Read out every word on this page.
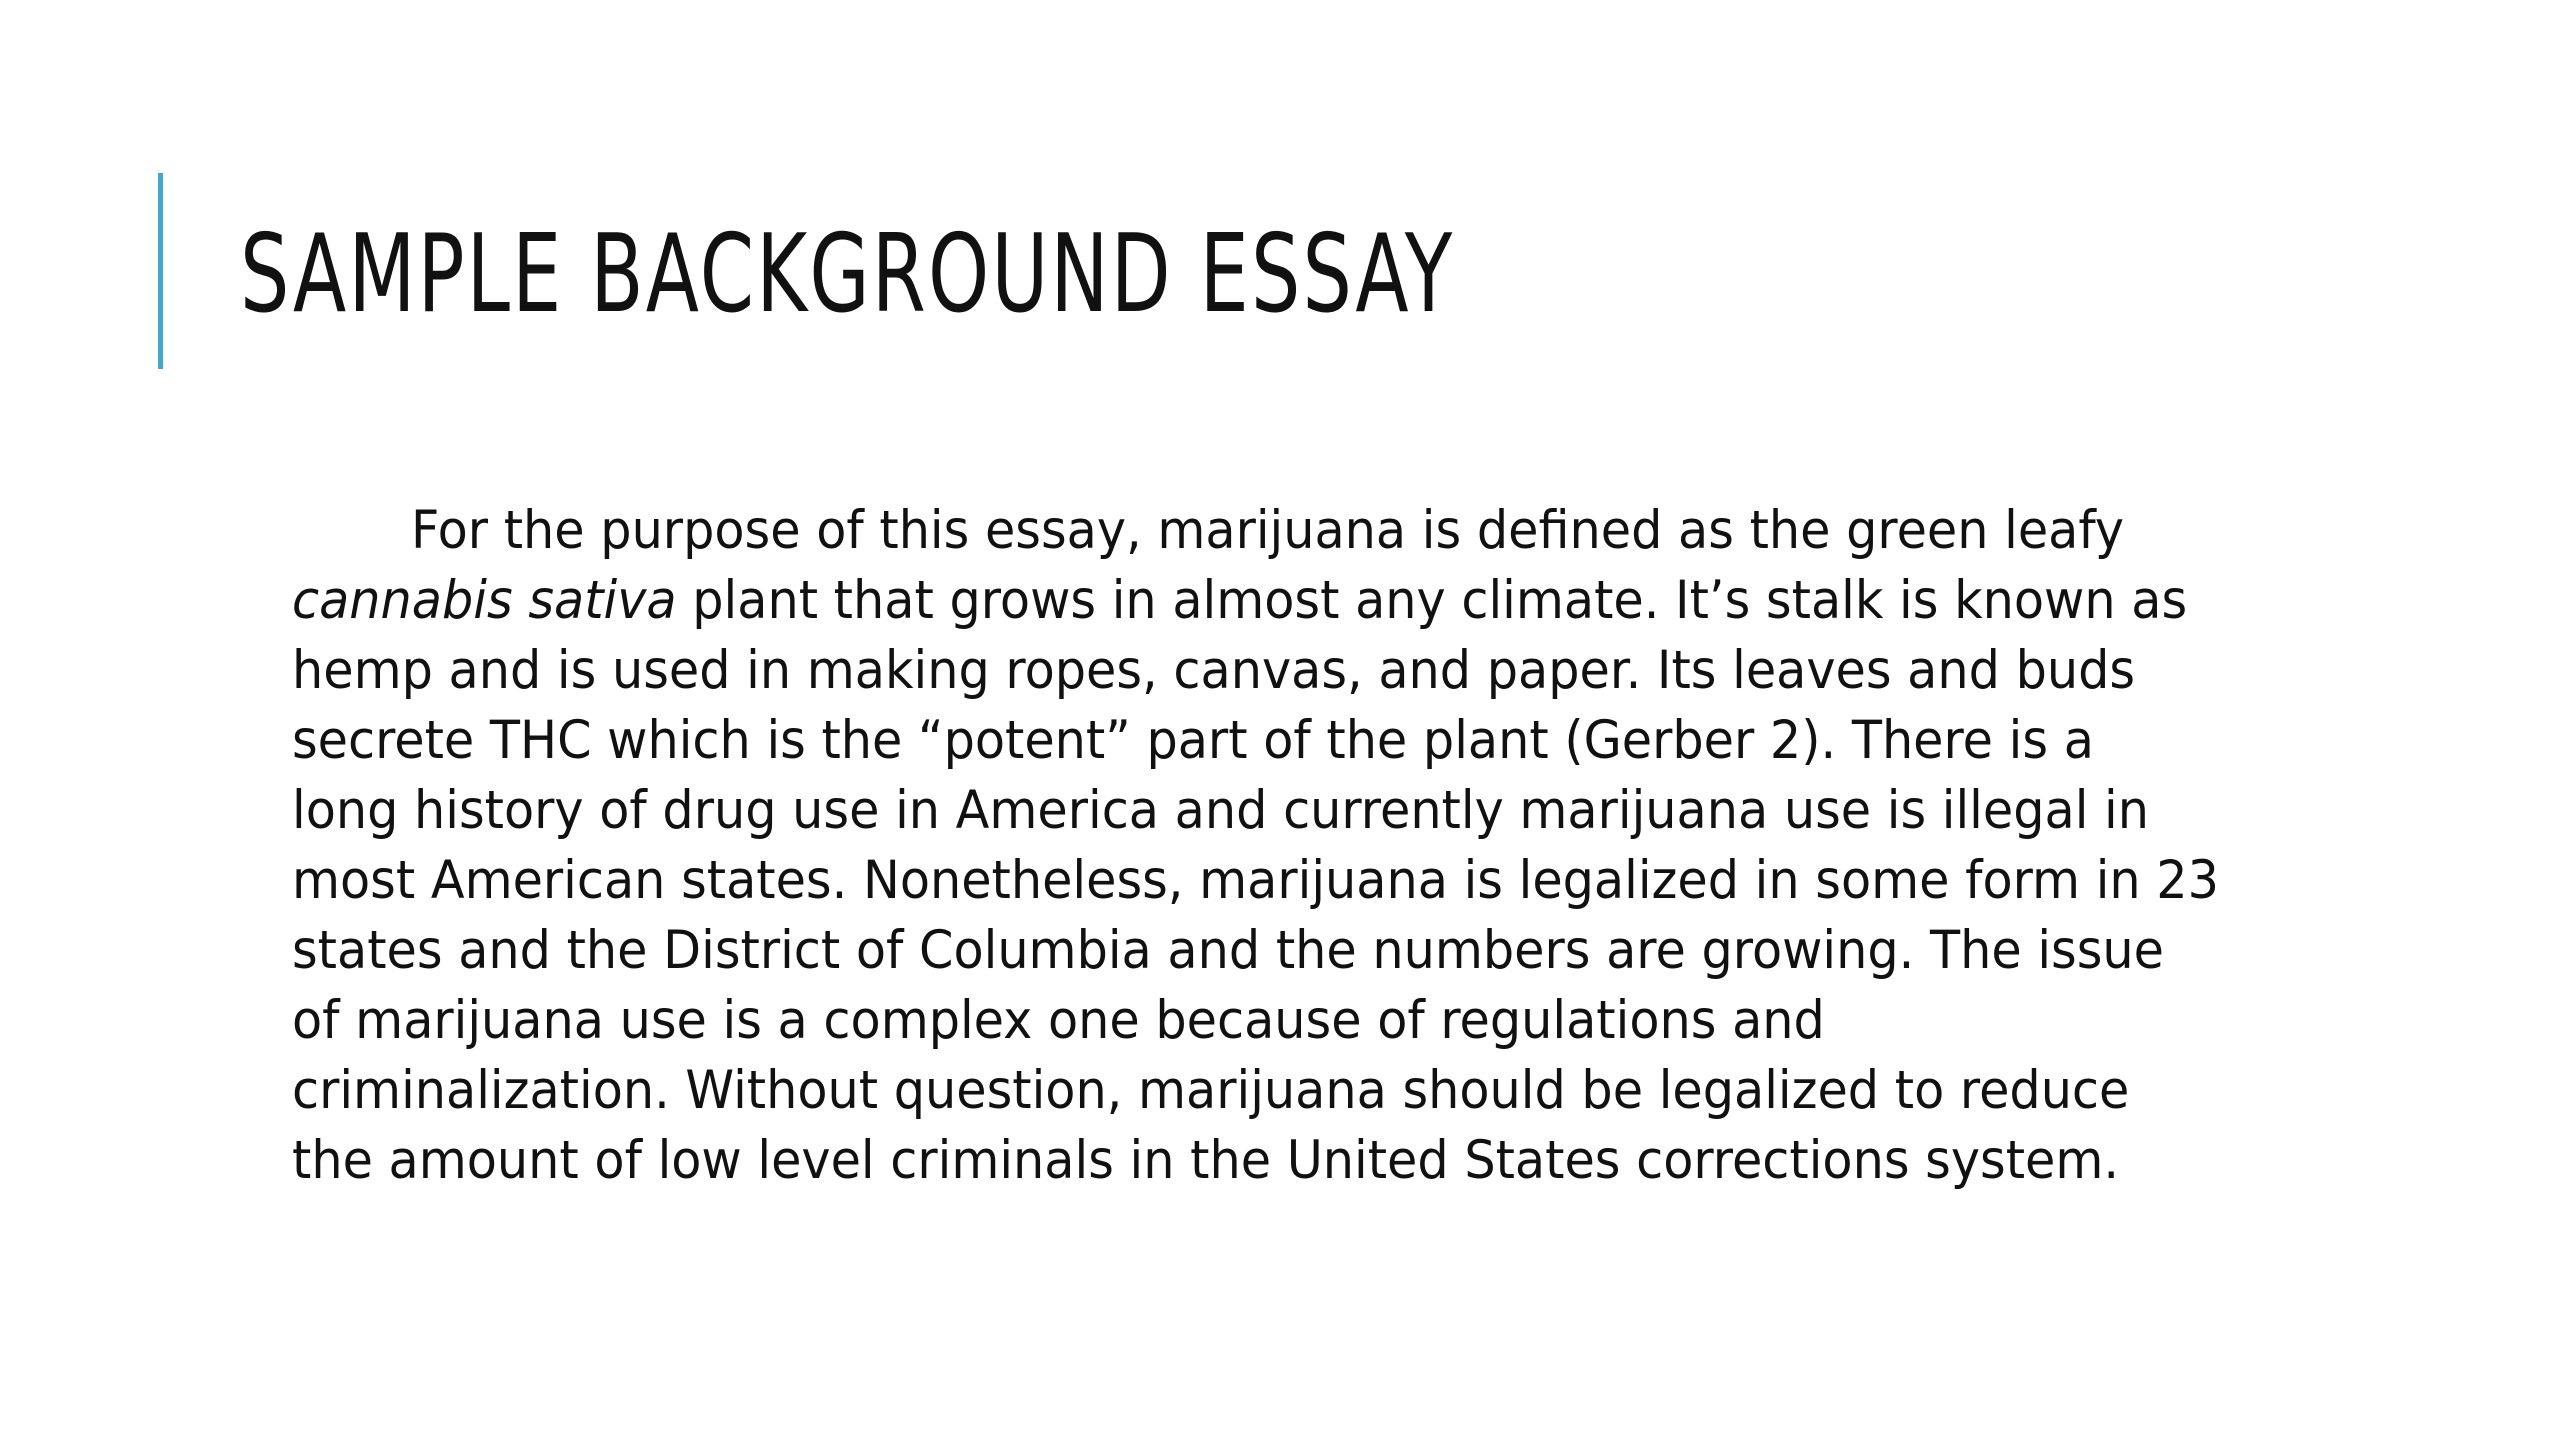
SAMPLE BACKGROUND ESSAY
For the purpose of this essay, marijuana is defined as the green leafy
cannabis sativa plant that grows in almost any climate. It’s stalk is known as
hemp and is used in making ropes, canvas, and paper. Its leaves and buds
secrete THC which is the “potent” part of the plant (Gerber 2). There is a
long history of drug use in America and currently marijuana use is illegal in
most American states. Nonetheless, marijuana is legalized in some form in 23
states and the District of Columbia and the numbers are growing. The issue
of marijuana use is a complex one because of regulations and
criminalization. Without question, marijuana should be legalized to reduce
the amount of low level criminals in the United States corrections system.
